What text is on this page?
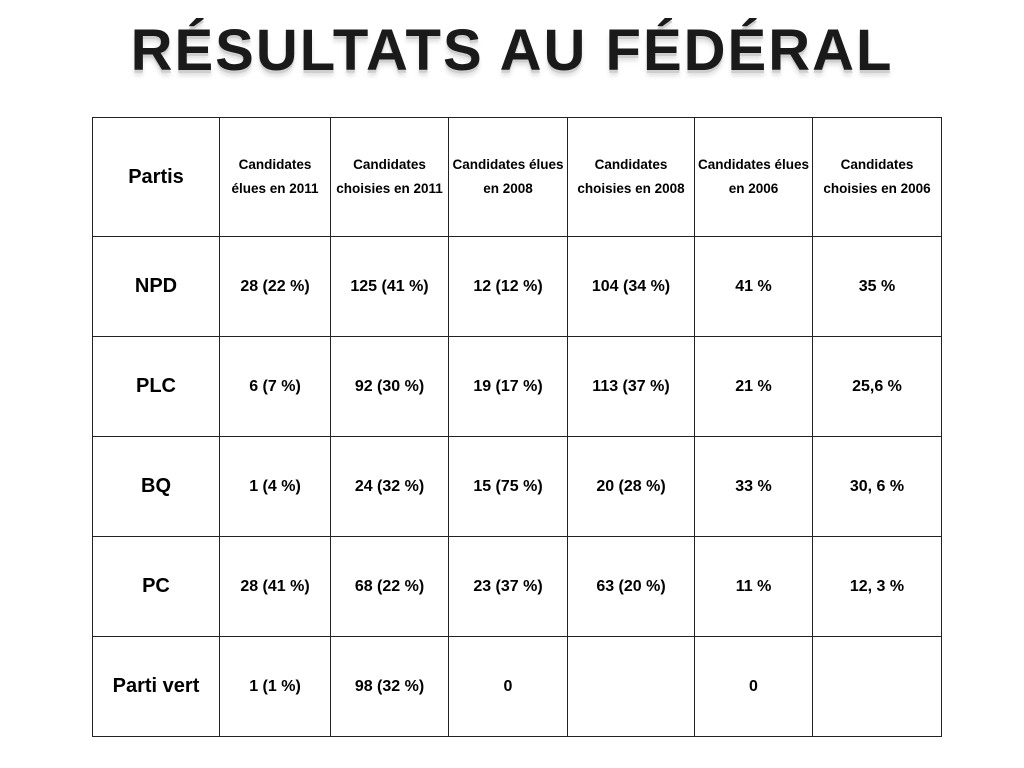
RÉSULTATS AU FÉDÉRAL
Partis	Candidates élues en 2011	Candidates choisies en 2011	Candidates élues en 2008	Candidates choisies en 2008	Candidates élues en 2006	Candidates choisies en 2006
NPD	28 (22 %)	125 (41 %)	12 (12 %)	104 (34 %)	41 %	35 %
PLC	6 (7 %)	92 (30 %)	19 (17 %)	113 (37 %)	21 %	25,6 %
BQ	1 (4 %)	24 (32 %)	15 (75 %)	20 (28 %)	33 %	30, 6 %
PC	28 (41 %)	68 (22 %)	23 (37 %)	63 (20 %)	11 %	12, 3 %
Parti vert	1 (1 %)	98 (32 %)	0		0	
